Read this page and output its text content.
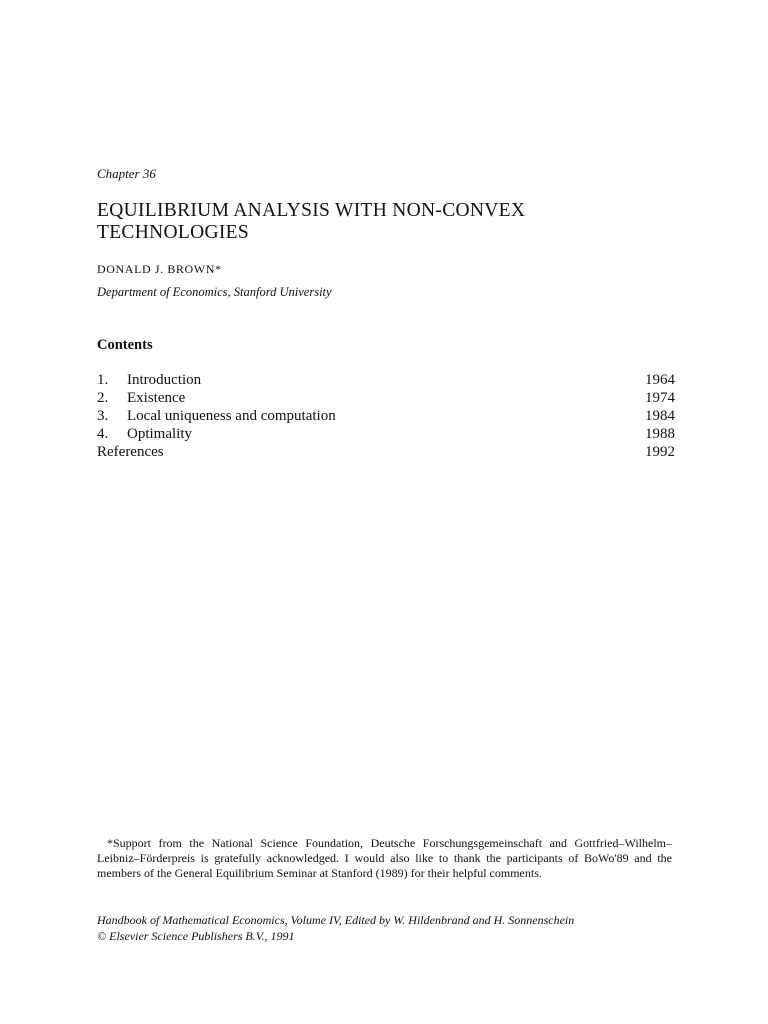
Chapter 36
EQUILIBRIUM ANALYSIS WITH NON-CONVEX
TECHNOLOGIES
DONALD J. BROWN*
Department of Economics, Stanford University
Contents
1.	Introduction	1964
2.	Existence	1974
3.	Local uniqueness and computation	1984
4.	Optimality	1988
References	1992

*Support from the National Science Foundation, Deutsche Forschungsgemeinschaft and Gottfried–Wilhelm–Leibniz–Förderpreis is gratefully acknowledged. I would also like to thank the participants of BoWo'89 and the members of the General Equilibrium Seminar at Stanford (1989) for their helpful comments.

Handbook of Mathematical Economics, Volume IV, Edited by W. Hildenbrand and H. Sonnenschein
© Elsevier Science Publishers B.V., 1991
